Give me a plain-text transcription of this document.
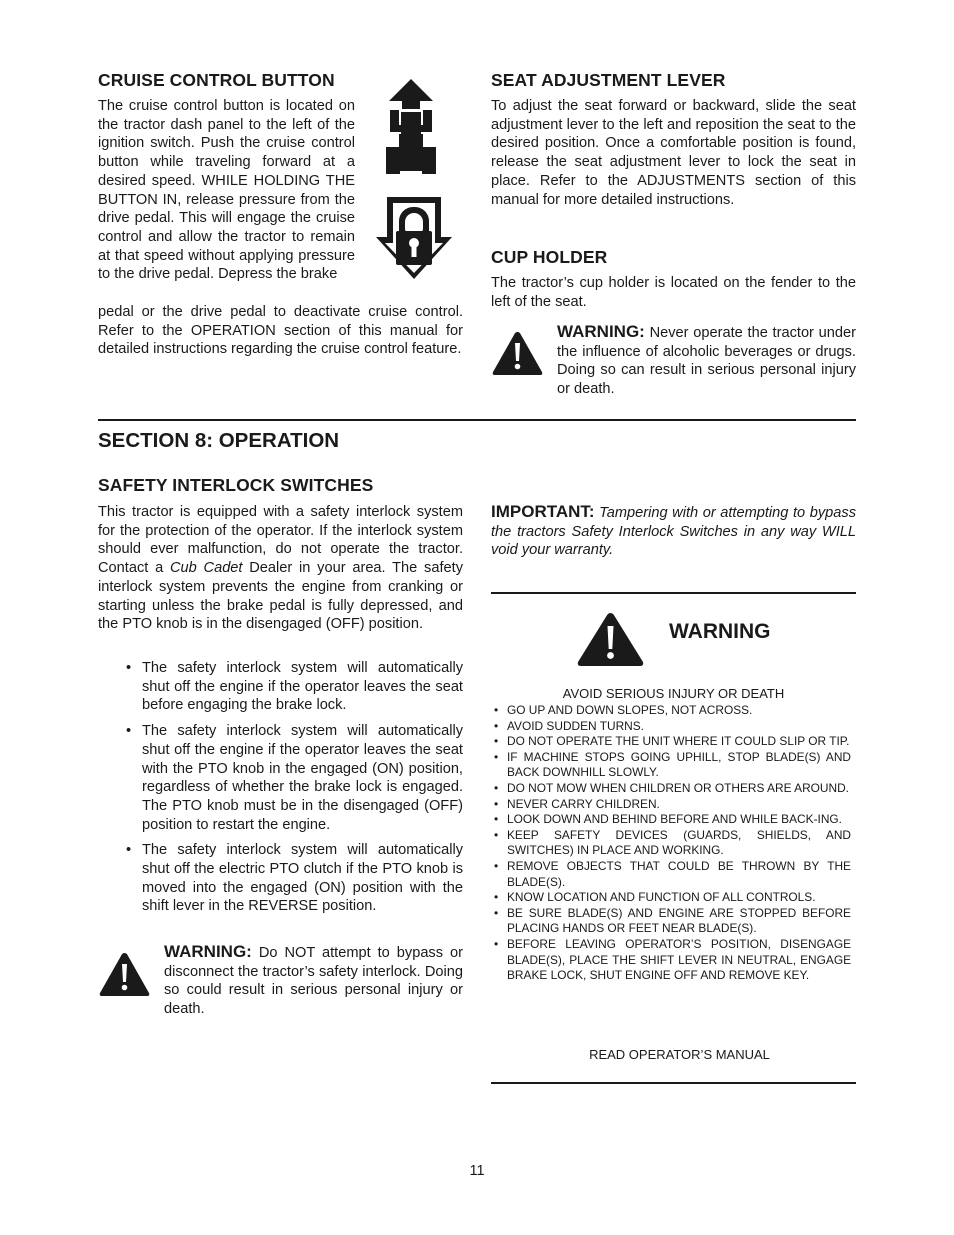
CRUISE CONTROL BUTTON

The cruise control button is located on the tractor dash panel to the left of the ignition switch. Push the cruise control button while traveling forward at a desired speed. WHILE HOLDING THE BUTTON IN, release pressure from the drive pedal. This will engage the cruise control and allow the tractor to remain at that speed without applying pressure to the drive pedal. Depress the brake

pedal or the drive pedal to deactivate cruise control. Refer to the OPERATION section of this manual for detailed instructions regarding the cruise control feature.

SEAT ADJUSTMENT LEVER

To adjust the seat forward or backward, slide the seat adjustment lever to the left and reposition the seat to the desired position. Once a comfortable position is found, release the seat adjustment lever to lock the seat in place. Refer to the ADJUSTMENTS section of this manual for more detailed instructions.

CUP HOLDER

The tractor’s cup holder is located on the fender to the left of the seat.

WARNING: Never operate the tractor under the influence of alcoholic beverages or drugs. Doing so can result in serious personal injury or death.

SECTION 8: OPERATION
SAFETY INTERLOCK SWITCHES

This tractor is equipped with a safety interlock system for the protection of the operator. If the interlock system should ever malfunction, do not operate the tractor. Contact a Cub Cadet Dealer in your area. The safety interlock system prevents the engine from cranking or starting unless the brake pedal is fully depressed, and the PTO knob is in the disengaged (OFF) position.

• The safety interlock system will automatically shut off the engine if the operator leaves the seat before engaging the brake lock.
• The safety interlock system will automatically shut off the engine if the operator leaves the seat with the PTO knob in the engaged (ON) position, regardless of whether the brake lock is engaged. The PTO knob must be in the disengaged (OFF) position to restart the engine.
• The safety interlock system will automatically shut off the electric PTO clutch if the PTO knob is moved into the engaged (ON) position with the shift lever in the REVERSE position.

WARNING: Do NOT attempt to bypass or disconnect the tractor’s safety interlock. Doing so could result in serious personal injury or death.

IMPORTANT: Tampering with or attempting to bypass the tractors Safety Interlock Switches in any way WILL void your warranty.

WARNING
AVOID SERIOUS INJURY OR DEATH
• GO UP AND DOWN SLOPES, NOT ACROSS.
• AVOID SUDDEN TURNS.
• DO NOT OPERATE THE UNIT WHERE IT COULD SLIP OR TIP.
• IF MACHINE STOPS GOING UPHILL, STOP BLADE(S) AND BACK DOWNHILL SLOWLY.
• DO NOT MOW WHEN CHILDREN OR OTHERS ARE AROUND.
• NEVER CARRY CHILDREN.
• LOOK DOWN AND BEHIND BEFORE AND WHILE BACK-ING.
• KEEP SAFETY DEVICES (GUARDS, SHIELDS, AND SWITCHES) IN PLACE AND WORKING.
• REMOVE OBJECTS THAT COULD BE THROWN BY THE BLADE(S).
• KNOW LOCATION AND FUNCTION OF ALL CONTROLS.
• BE SURE BLADE(S) AND ENGINE ARE STOPPED BEFORE PLACING HANDS OR FEET NEAR BLADE(S).
• BEFORE LEAVING OPERATOR’S POSITION, DISENGAGE BLADE(S), PLACE THE SHIFT LEVER IN NEUTRAL, ENGAGE BRAKE LOCK, SHUT ENGINE OFF AND REMOVE KEY.
READ OPERATOR’S MANUAL
11
